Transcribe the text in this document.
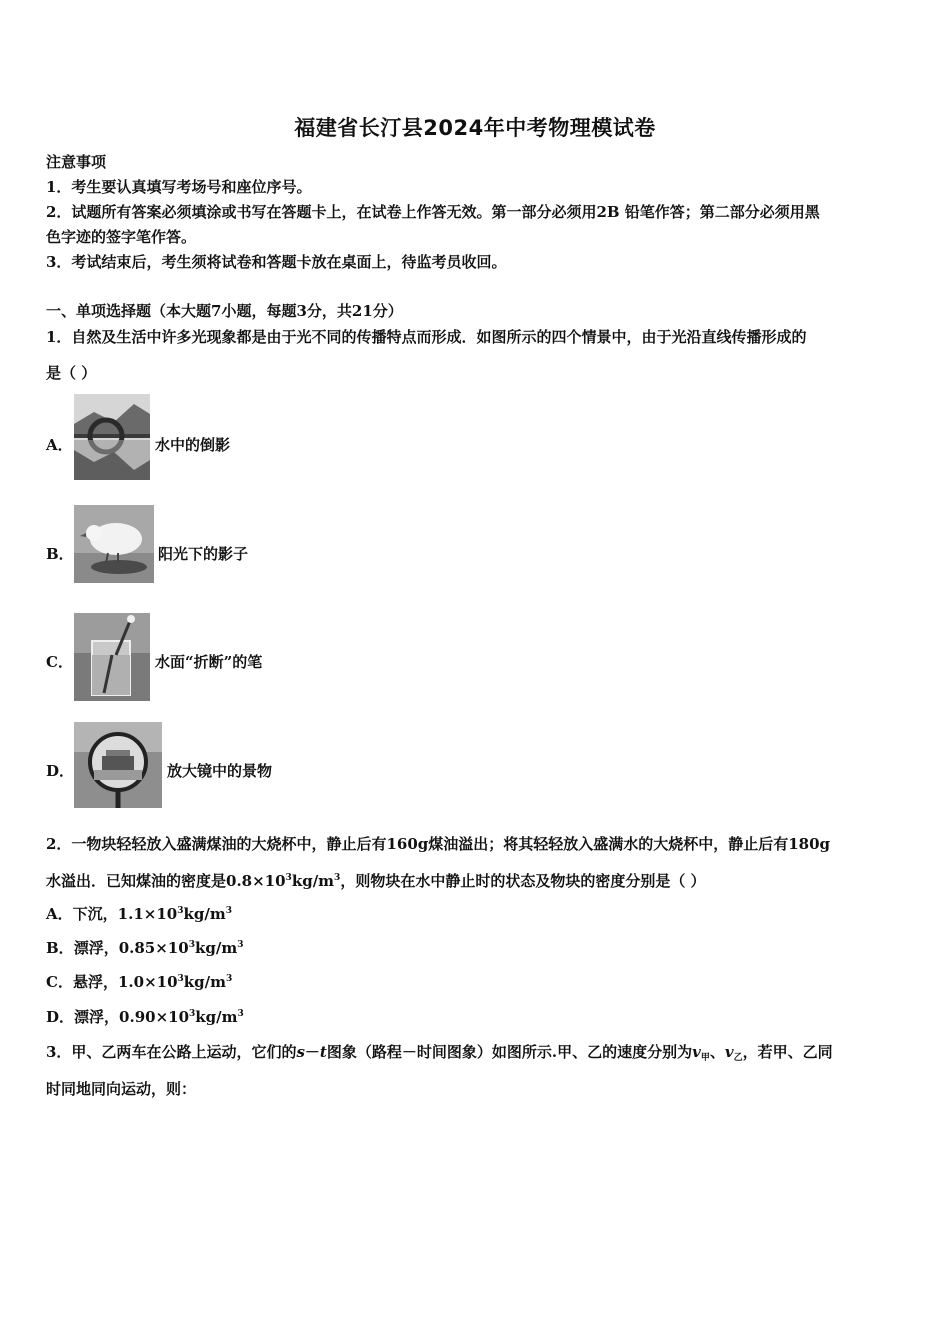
福建省长汀县2024年中考物理模试卷
注意事项
1．考生要认真填写考场号和座位序号。
2．试题所有答案必须填涂或书写在答题卡上，在试卷上作答无效。第一部分必须用2B 铅笔作答；第二部分必须用黑
色字迹的签字笔作答。
3．考试结束后，考生须将试卷和答题卡放在桌面上，待监考员收回。
一、单项选择题（本大题7小题，每题3分，共21分）
1．自然及生活中许多光现象都是由于光不同的传播特点而形成．如图所示的四个情景中，由于光沿直线传播形成的
是（ ）
A．	水中的倒影
B．	阳光下的影子
C．	水面“折断”的笔
D．	放大镜中的景物
2．一物块轻轻放入盛满煤油的大烧杯中，静止后有160g煤油溢出；将其轻轻放入盛满水的大烧杯中，静止后有180g
水溢出．已知煤油的密度是$0.8\times 10^3kg/m^3$，则物块在水中静止时的状态及物块的密度分别是（ ）
A．下沉，$1.1\times 10^3kg/m^3$
B．漂浮，$0.85\times 10^3kg/m^3$
C．悬浮，$1.0\times 10^3kg/m^3$
D．漂浮，$0.90\times 10^3kg/m^3$
3．甲、乙两车在公路上运动，它们的s－t图象（路程－时间图象）如图所示.甲、乙的速度分别为$v_甲$、$v_乙$，若甲、乙同
时同地同向运动，则：
